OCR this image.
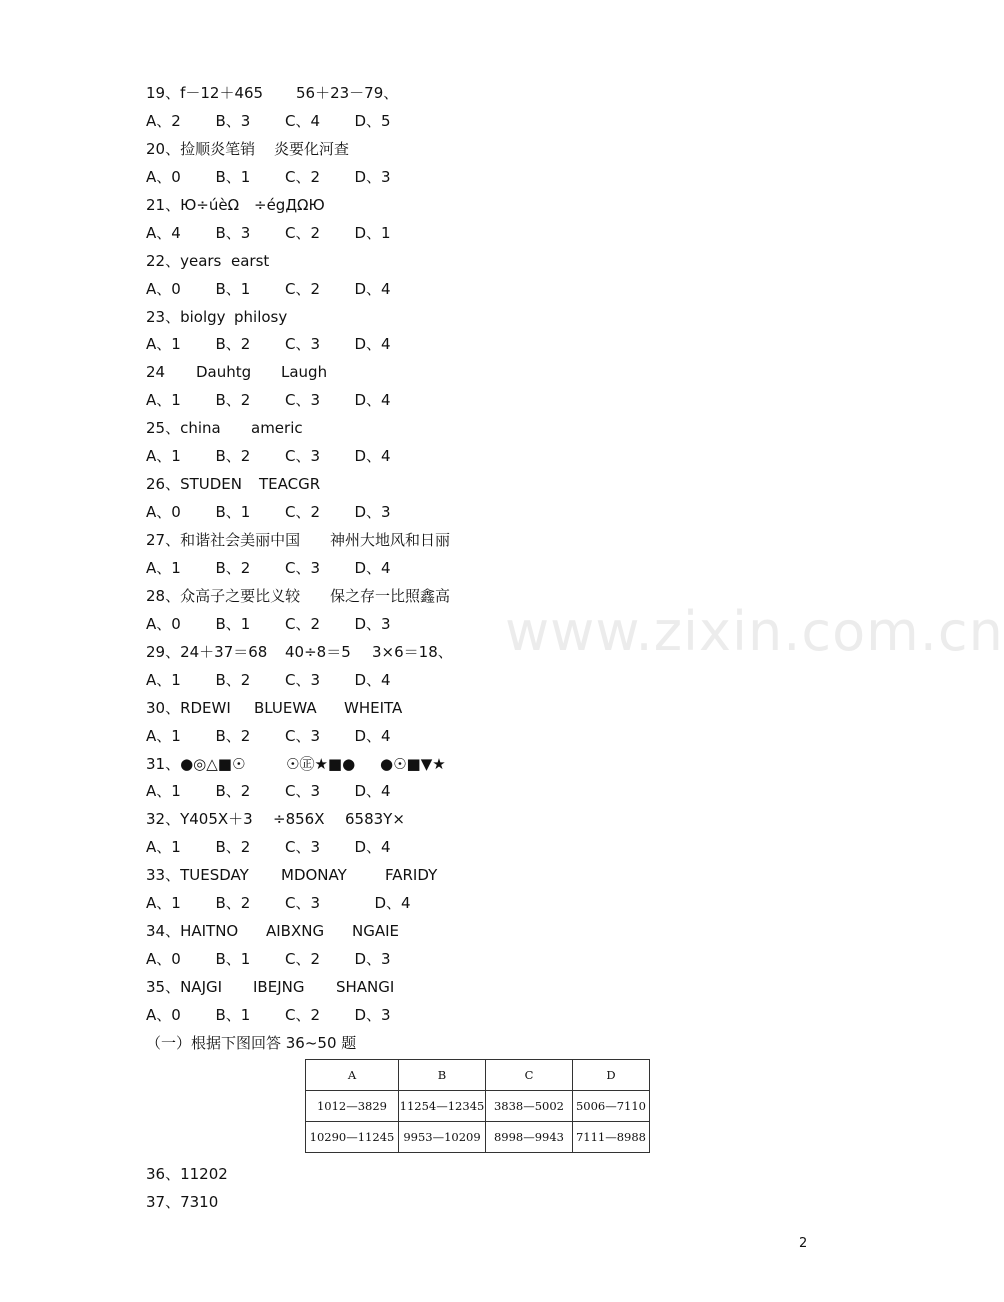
19、f－12＋465 56＋23－79、
A、2 B、3 C、4 D、5
20、捡顺炎笔销 炎要化河查
A、0 B、1 C、2 D、3
21、Ю÷úèΩ ÷égДΩЮ
A、4 B、3 C、2 D、1
22、years earst
A、0 B、1 C、2 D、4
23、biolgy philosy
A、1 B、2 C、3 D、4
24 Dauhtg Laugh
A、1 B、2 C、3 D、4
25、china americ
A、1 B、2 C、3 D、4
26、STUDEN TEACGR
A、0 B、1 C、2 D、3
27、和谐社会美丽中国 神州大地风和日丽
A、1 B、2 C、3 D、4
28、众高子之要比义较 保之存一比照鑫高
A、0 B、1 C、2 D、3
29、24＋37＝68 40÷8＝5 3×6＝18、
A、1 B、2 C、3 D、4
30、RDEWI BLUEWA WHEITA
A、1 B、2 C、3 D、4
31、●◎△■☉	☉㊣★■● ●☉■▼★
A、1 B、2 C、3 D、4
32、Y405X＋3 ÷856X 6583Y×
A、1 B、2 C、3 D、4
33、TUESDAY MDONAY	FARIDY
A、1 B、2 C、3	D、4
34、HAITNO AIBXNG NGAIE
A、0 B、1 C、2 D、3
35、NAJGI IBEJNG SHANGI
A、0 B、1 C、2 D、3
（一）根据下图回答 36~50 题
A	B	C	D
1012—3829	11254—12345	3838—5002	5006—7110
10290—11245	9953—10209	8998—9943	7111—8988
36、11202
37、7310
www.zixin.com.cn
2
